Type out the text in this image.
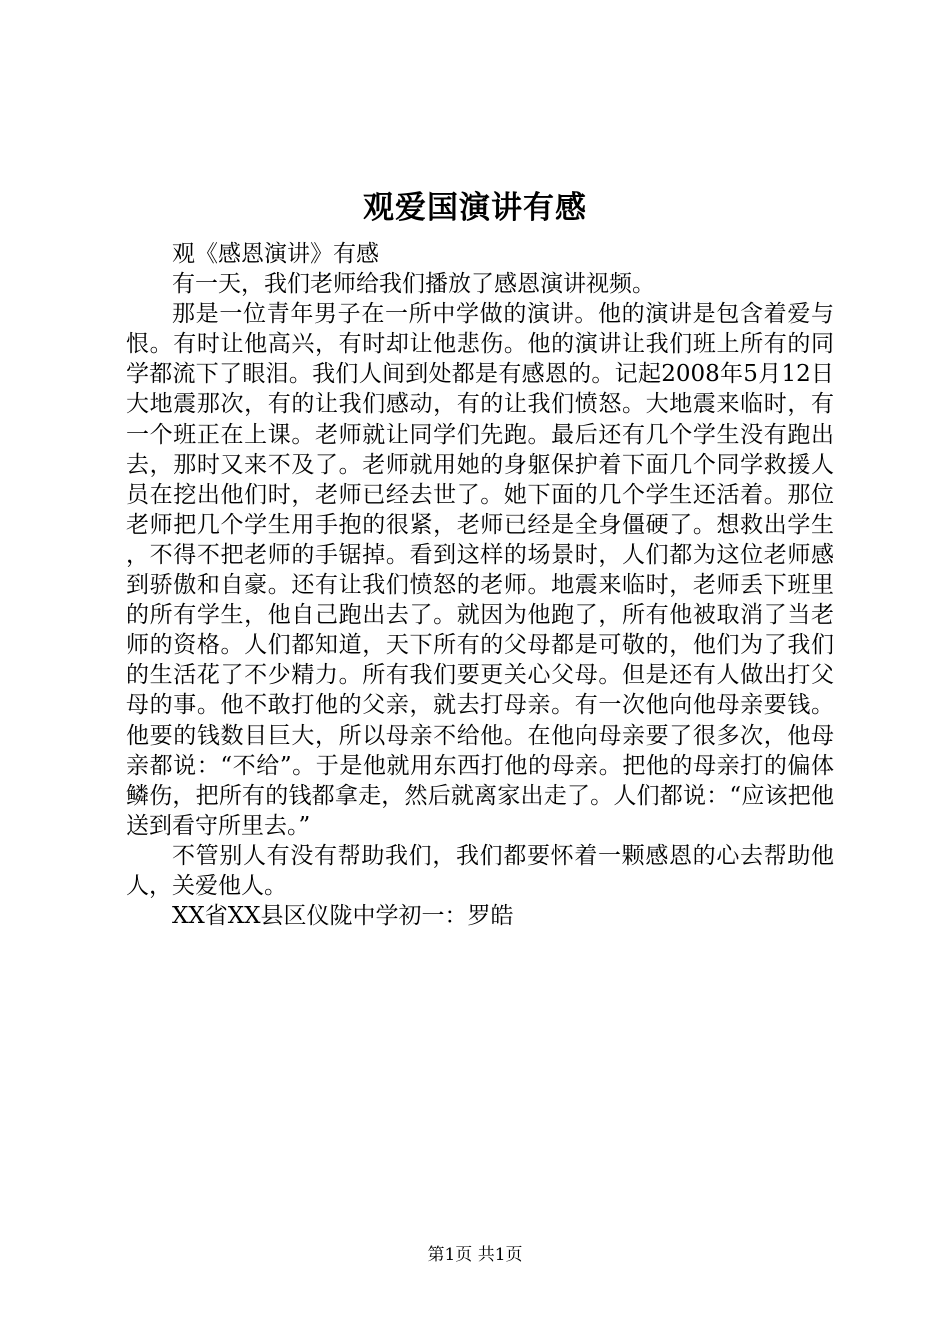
观爱国演讲有感

观《感恩演讲》有感

有一天，我们老师给我们播放了感恩演讲视频。

那是一位青年男子在一所中学做的演讲。他的演讲是包含着爱与恨。有时让他高兴，有时却让他悲伤。他的演讲让我们班上所有的同学都流下了眼泪。我们人间到处都是有感恩的。记起2008年5月12日大地震那次，有的让我们感动，有的让我们愤怒。大地震来临时，有一个班正在上课。老师就让同学们先跑。最后还有几个学生没有跑出去，那时又来不及了。老师就用她的身躯保护着下面几个同学救援人员在挖出他们时，老师已经去世了。她下面的几个学生还活着。那位老师把几个学生用手抱的很紧，老师已经是全身僵硬了。想救出学生，不得不把老师的手锯掉。看到这样的场景时，人们都为这位老师感到骄傲和自豪。还有让我们愤怒的老师。地震来临时，老师丢下班里的所有学生，他自己跑出去了。就因为他跑了，所有他被取消了当老师的资格。人们都知道，天下所有的父母都是可敬的，他们为了我们的生活花了不少精力。所有我们要更关心父母。但是还有人做出打父母的事。他不敢打他的父亲，就去打母亲。有一次他向他母亲要钱。他要的钱数目巨大，所以母亲不给他。在他向母亲要了很多次，他母亲都说：“不给”。于是他就用东西打他的母亲。把他的母亲打的偏体鳞伤，把所有的钱都拿走，然后就离家出走了。人们都说：“应该把他送到看守所里去。”

不管别人有没有帮助我们，我们都要怀着一颗感恩的心去帮助他人，关爱他人。

XX省XX县区仪陇中学初一：罗皓

第1页 共1页
